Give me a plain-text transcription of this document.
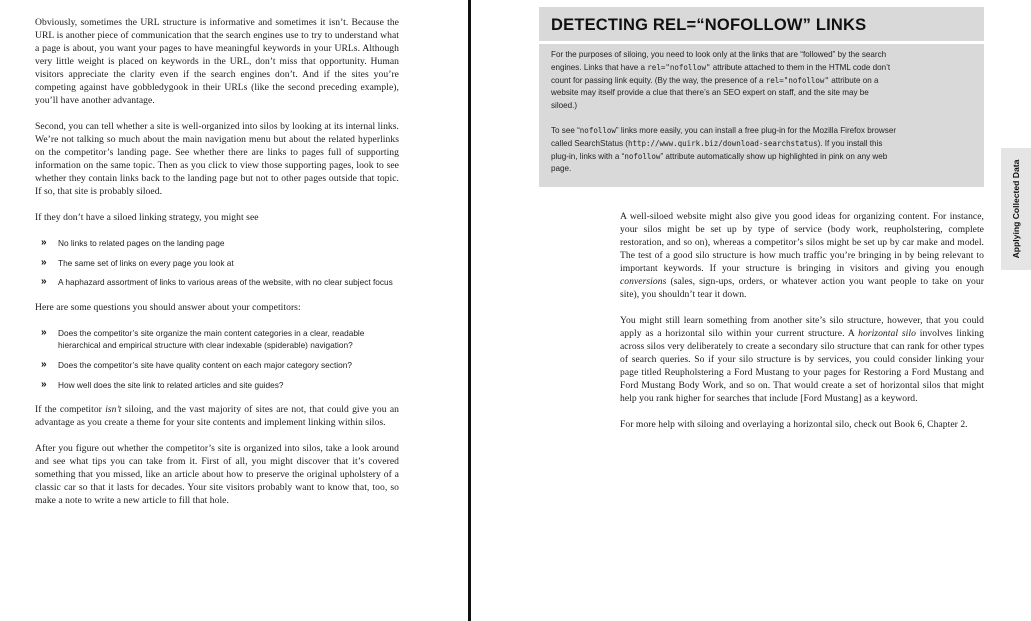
Obviously, sometimes the URL structure is informative and sometimes it isn’t. Because the URL is another piece of communication that the search engines use to try to understand what a page is about, you want your pages to have meaningful keywords in your URLs. Although very little weight is placed on keywords in the URL, don’t miss that opportunity. Human visitors appreciate the clarity even if the search engines don’t. And if the sites you’re competing against have gobbledygook in their URLs (like the second preceding example), you’ll have another advantage.

Second, you can tell whether a site is well-organized into silos by looking at its internal links. We’re not talking so much about the main navigation menu but about the related hyperlinks on the competitor’s landing page. See whether there are links to pages full of supporting information on the same topic. Then as you click to view those supporting pages, look to see whether they contain links back to the landing page but not to other pages outside that topic. If so, that site is probably siloed.

If they don’t have a siloed linking strategy, you might see

» No links to related pages on the landing page
» The same set of links on every page you look at
» A haphazard assortment of links to various areas of the website, with no clear subject focus

Here are some questions you should answer about your competitors:

» Does the competitor’s site organize the main content categories in a clear, readable hierarchical and empirical structure with clear indexable (spiderable) navigation?
» Does the competitor’s site have quality content on each major category section?
» How well does the site link to related articles and site guides?

If the competitor isn’t siloing, and the vast majority of sites are not, that could give you an advantage as you create a theme for your site contents and implement linking within silos.

After you figure out whether the competitor’s site is organized into silos, take a look around and see what tips you can take from it. First of all, you might discover that it’s covered something that you missed, like an article about how to preserve the original upholstery of a classic car so that it lasts for decades. Your site visitors probably want to know that, too, so make a note to write a new article to fill that hole.

DETECTING REL=“NOFOLLOW” LINKS
For the purposes of siloing, you need to look only at the links that are “followed” by the search engines. Links that have a rel="nofollow" attribute attached to them in the HTML code don’t count for passing link equity. (By the way, the presence of a rel="nofollow" attribute on a website may itself provide a clue that there’s an SEO expert on staff, and the site may be siloed.)
To see “nofollow” links more easily, you can install a free plug-in for the Mozilla Firefox browser called SearchStatus (http://www.quirk.biz/download-searchstatus). If you install this plug-in, links with a “nofollow” attribute automatically show up highlighted in pink on any web page.	Applying Collected Data

A well-siloed website might also give you good ideas for organizing content. For instance, your silos might be set up by type of service (body work, reupholstering, complete restoration, and so on), whereas a competitor’s silos might be set up by car make and model. The test of a good silo structure is how much traffic you’re bringing in by being relevant to important keywords. If your structure is bringing in visitors and giving you enough conversions (sales, sign-ups, orders, or whatever action you want people to take on your site), you shouldn’t tear it down.

You might still learn something from another site’s silo structure, however, that you could apply as a horizontal silo within your current structure. A horizontal silo involves linking across silos very deliberately to create a secondary silo structure that can rank for other types of search queries. So if your silo structure is by services, you could consider linking your page titled Reupholstering a Ford Mustang to your pages for Restoring a Ford Mustang and Ford Mustang Body Work, and so on. That would create a set of horizontal silos that might help you rank higher for searches that include [Ford Mustang] as a keyword.

For more help with siloing and overlaying a horizontal silo, check out Book 6, Chapter 2.
